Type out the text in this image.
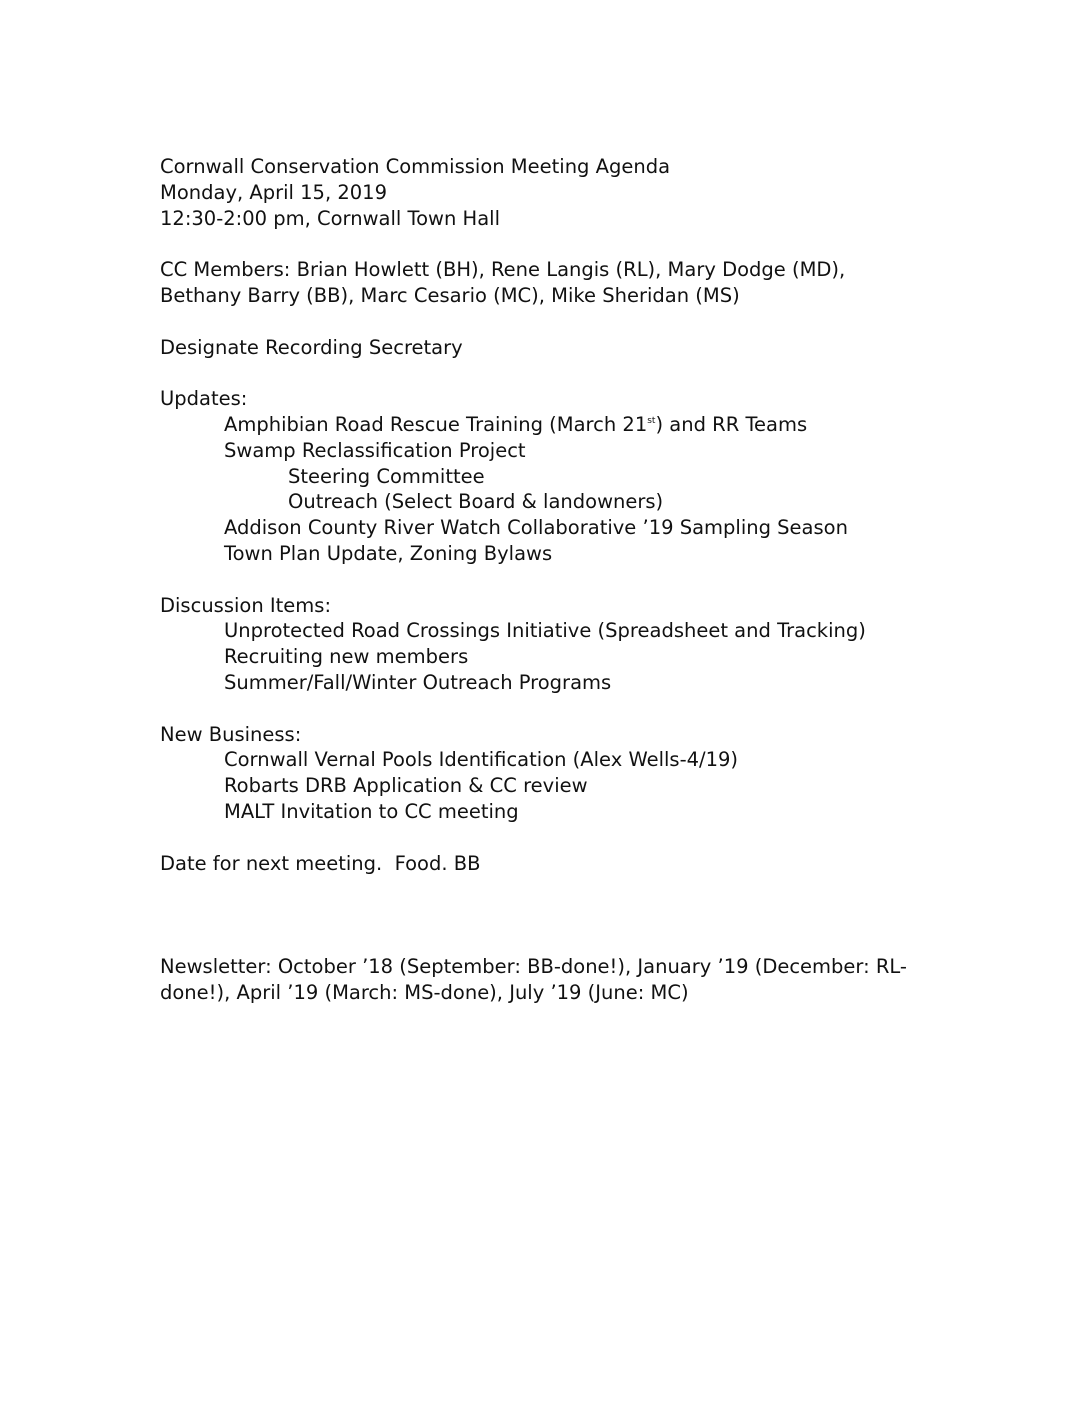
Cornwall Conservation Commission Meeting Agenda
Monday, April 15, 2019
12:30-2:00 pm, Cornwall Town Hall
CC Members: Brian Howlett (BH), Rene Langis (RL), Mary Dodge (MD), Bethany Barry (BB), Marc Cesario (MC), Mike Sheridan (MS)
Designate Recording Secretary
Updates:
Amphibian Road Rescue Training (March 21st) and RR Teams
Swamp Reclassification Project
Steering Committee
Outreach (Select Board & landowners)
Addison County River Watch Collaborative ’19 Sampling Season
Town Plan Update, Zoning Bylaws
Discussion Items:
Unprotected Road Crossings Initiative (Spreadsheet and Tracking)
Recruiting new members
Summer/Fall/Winter Outreach Programs
New Business:
Cornwall Vernal Pools Identification (Alex Wells-4/19)
Robarts DRB Application & CC review
MALT Invitation to CC meeting
Date for next meeting.  Food. BB
Newsletter: October ’18 (September: BB-done!), January ’19 (December: RL-
done!), April ’19 (March: MS-done), July ’19 (June: MC)
